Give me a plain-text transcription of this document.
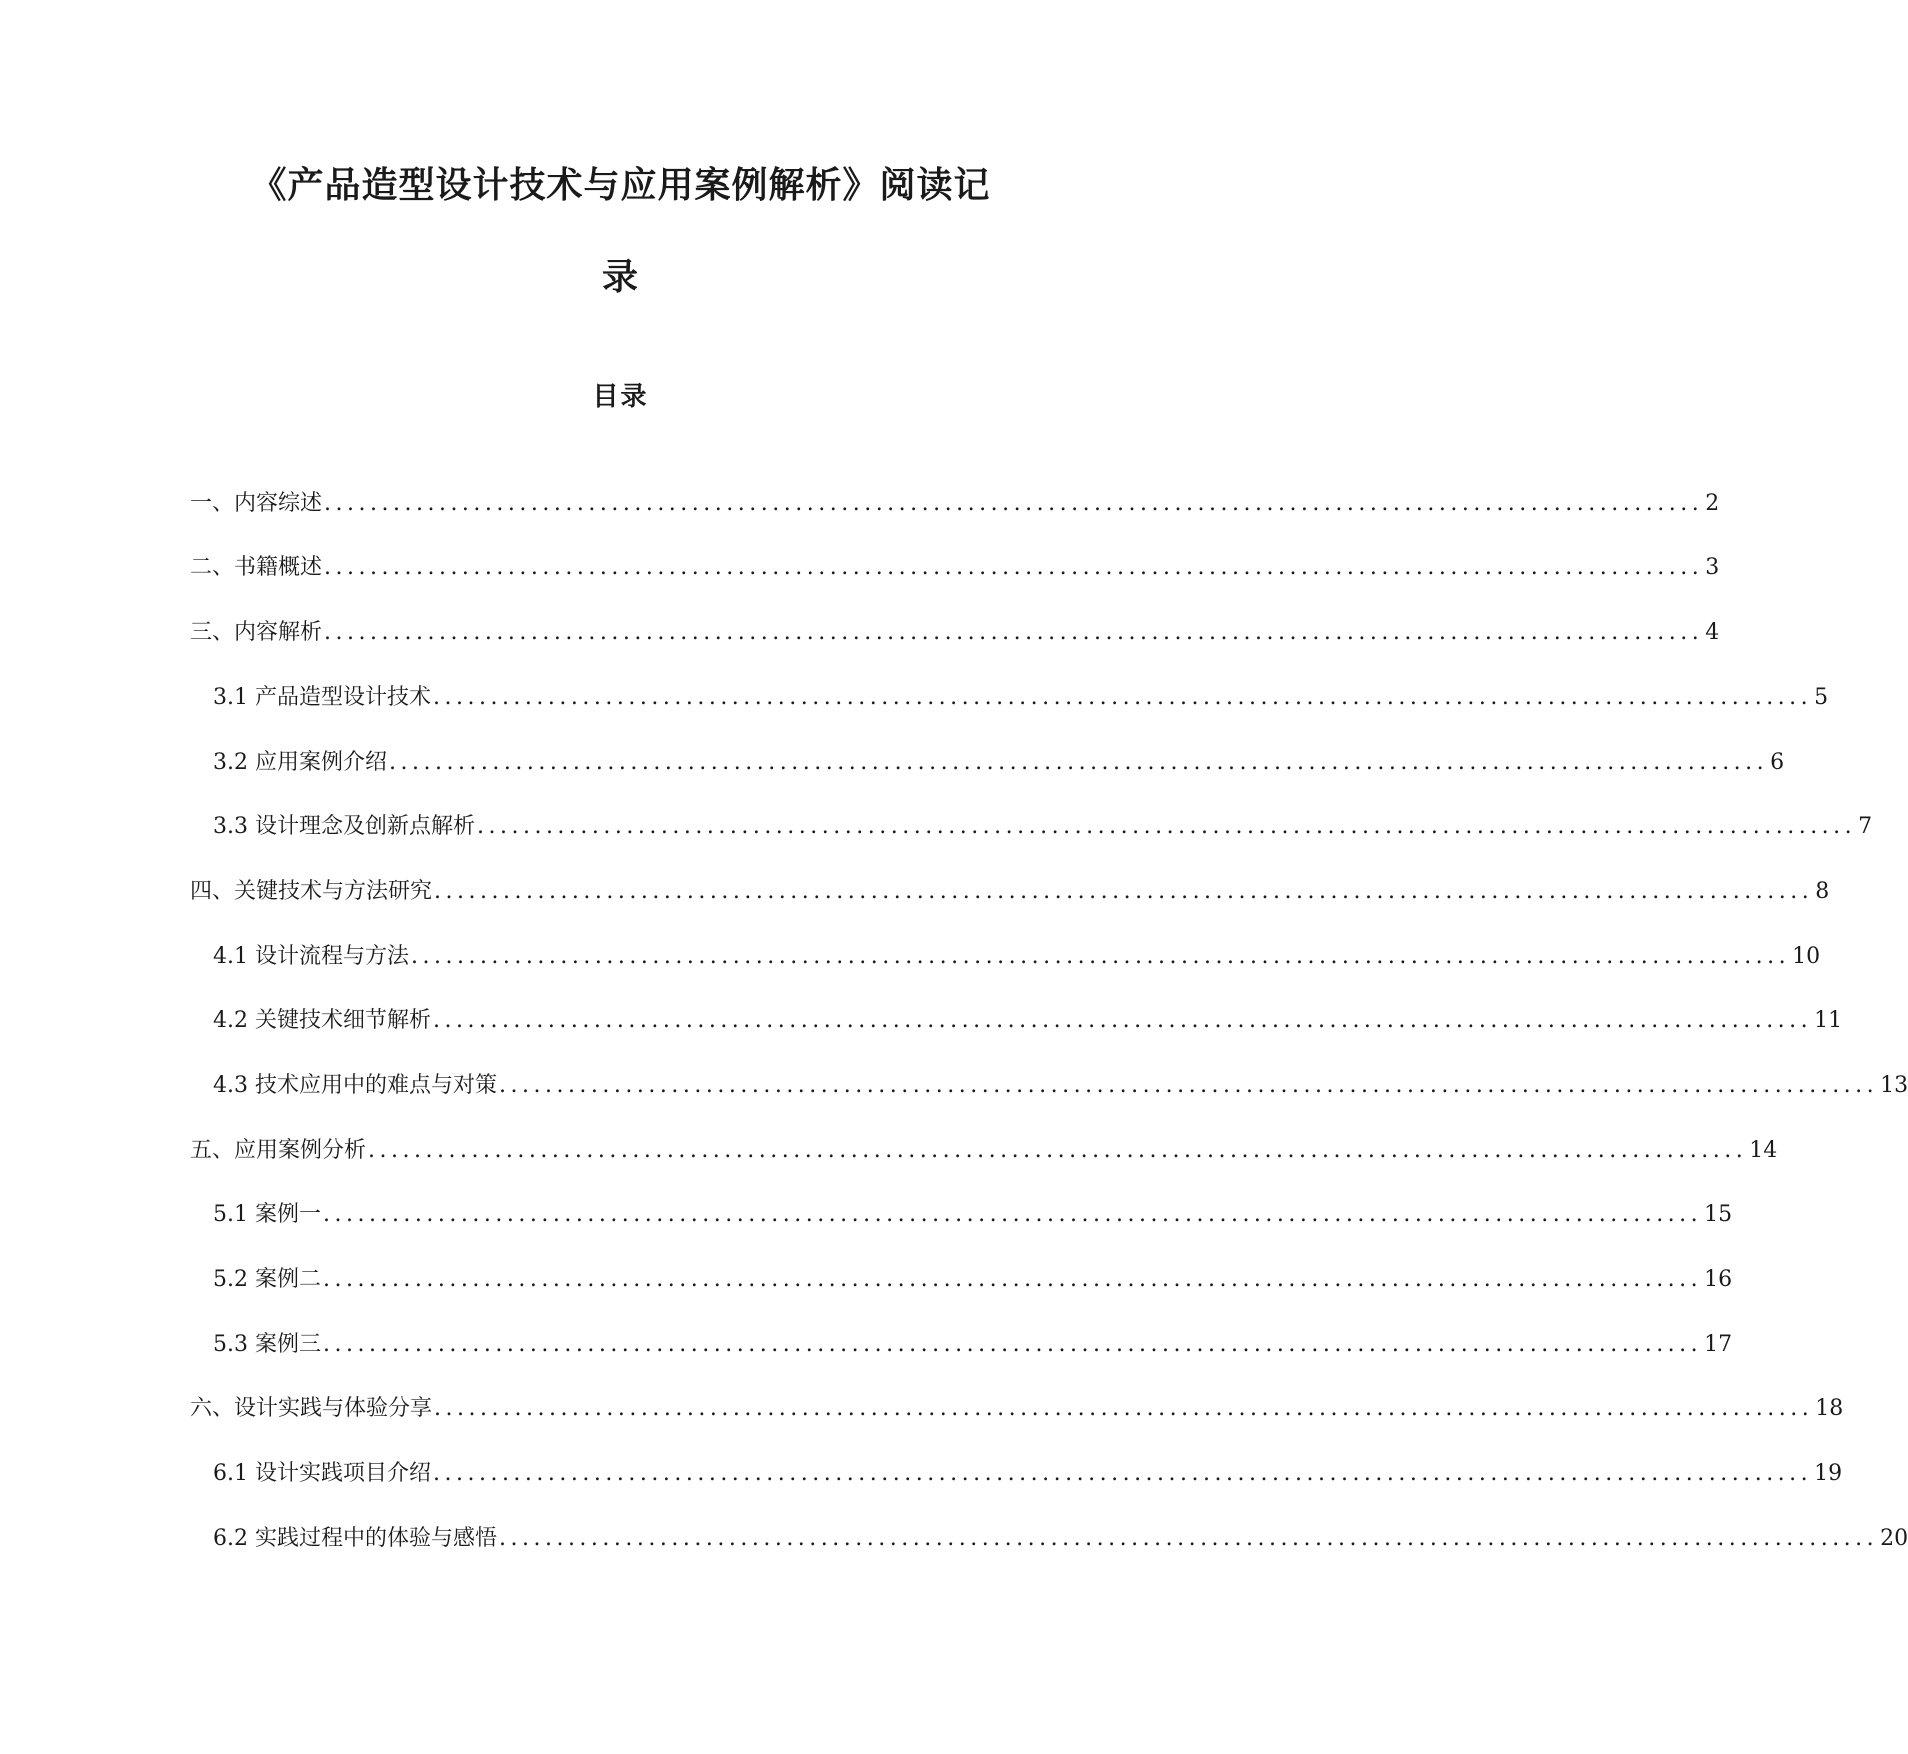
《产品造型设计技术与应用案例解析》阅读记
录
目录
一、内容综述 ........................................................................................................................ 2
二、书籍概述 ........................................................................................................................ 3
三、内容解析 ........................................................................................................................ 4
3.1 产品造型设计技术 ........................................................................................................................ 5
3.2 应用案例介绍 ........................................................................................................................ 6
3.3 设计理念及创新点解析 ........................................................................................................................ 7
四、关键技术与方法研究 ........................................................................................................................ 8
4.1 设计流程与方法 ........................................................................................................................ 10
4.2 关键技术细节解析 ........................................................................................................................ 11
4.3 技术应用中的难点与对策 ........................................................................................................................ 13
五、应用案例分析 ........................................................................................................................ 14
5.1 案例一 ........................................................................................................................ 15
5.2 案例二 ........................................................................................................................ 16
5.3 案例三 ........................................................................................................................ 17
六、设计实践与体验分享 ........................................................................................................................ 18
6.1 设计实践项目介绍 ........................................................................................................................ 19
6.2 实践过程中的体验与感悟 ........................................................................................................................ 20
